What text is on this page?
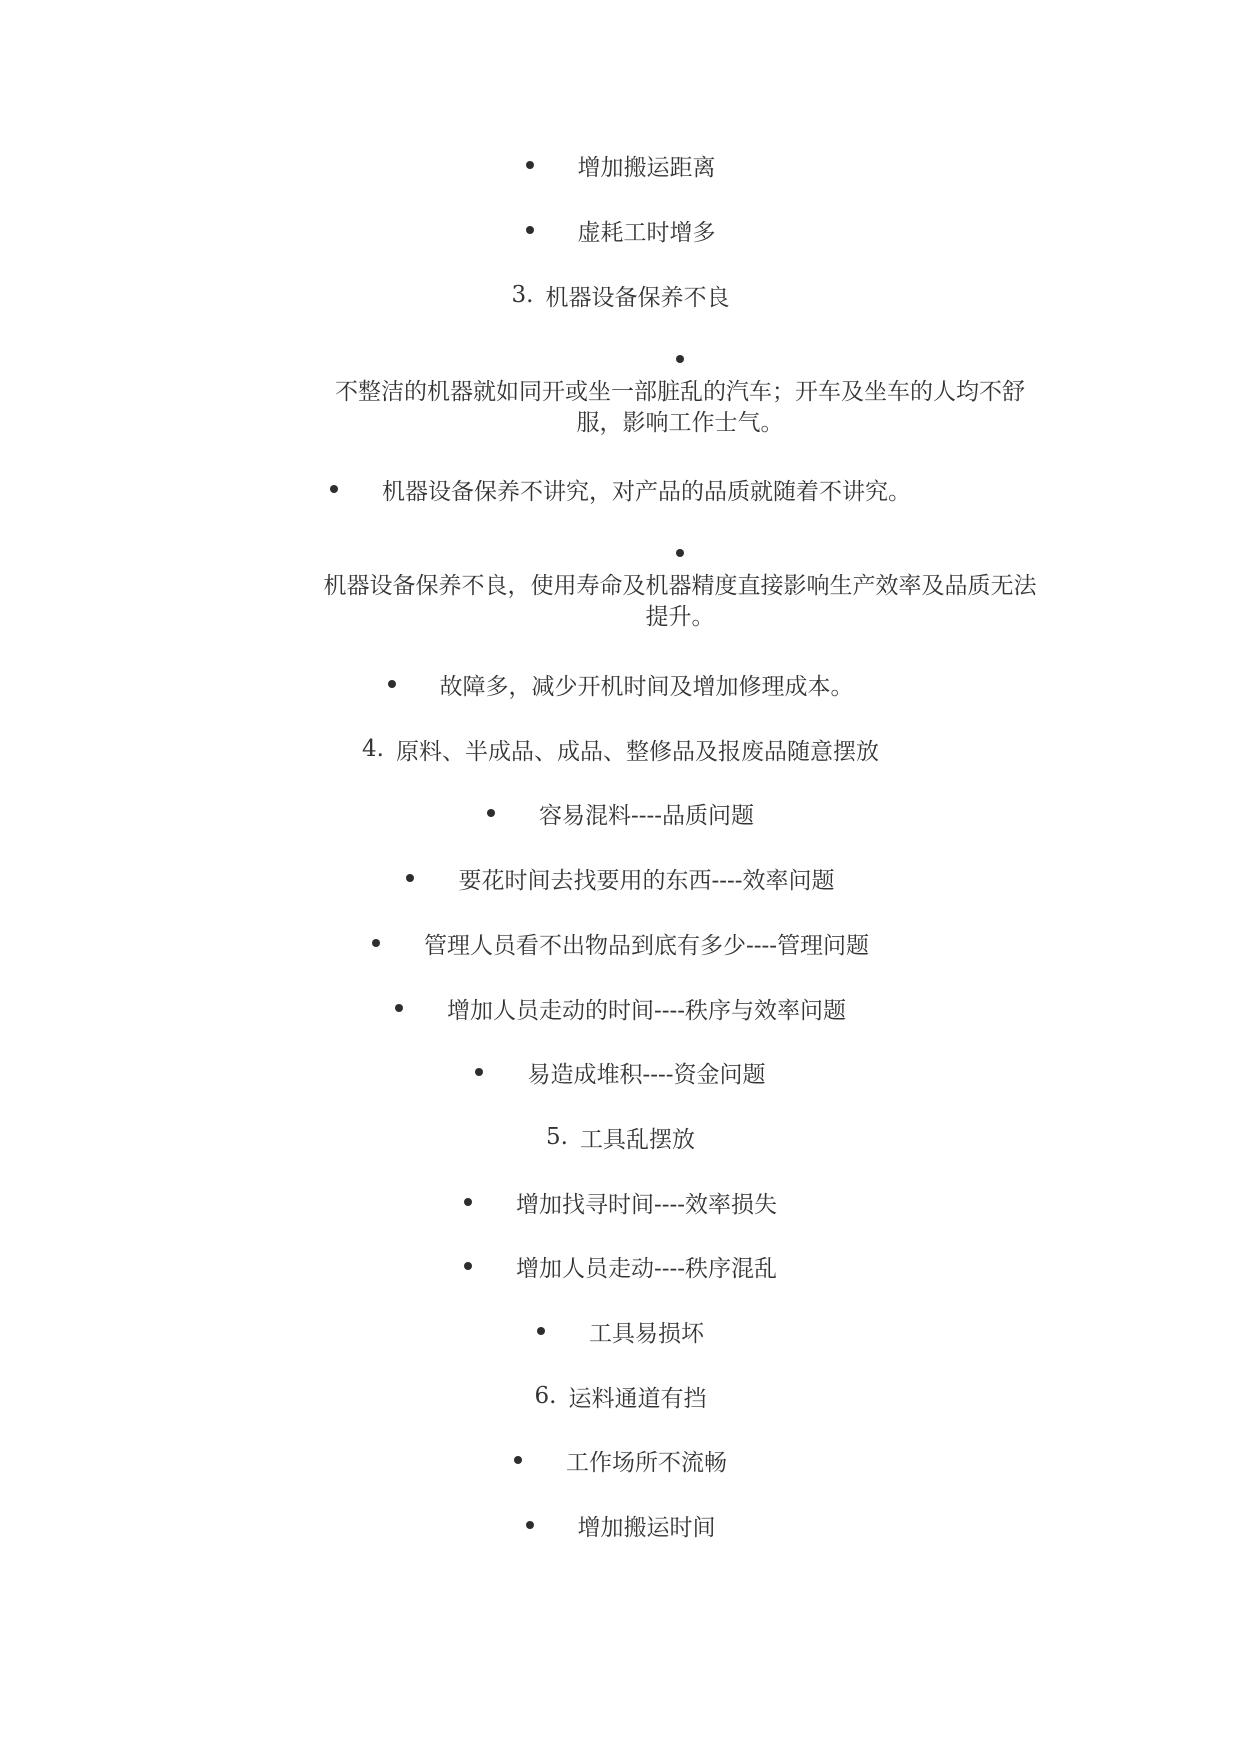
增加搬运距离
虚耗工时增多
3. 机器设备保养不良
不整洁的机器就如同开或坐一部脏乱的汽车；开车及坐车的人均不舒服，影响工作士气。
机器设备保养不讲究，对产品的品质就随着不讲究。
机器设备保养不良，使用寿命及机器精度直接影响生产效率及品质无法提升。
故障多，减少开机时间及增加修理成本。
4. 原料、半成品、成品、整修品及报废品随意摆放
容易混料----品质问题
要花时间去找要用的东西----效率问题
管理人员看不出物品到底有多少----管理问题
增加人员走动的时间----秩序与效率问题
易造成堆积----资金问题
5. 工具乱摆放
增加找寻时间----效率损失
增加人员走动----秩序混乱
工具易损坏
6. 运料通道有挡
工作场所不流畅
增加搬运时间
